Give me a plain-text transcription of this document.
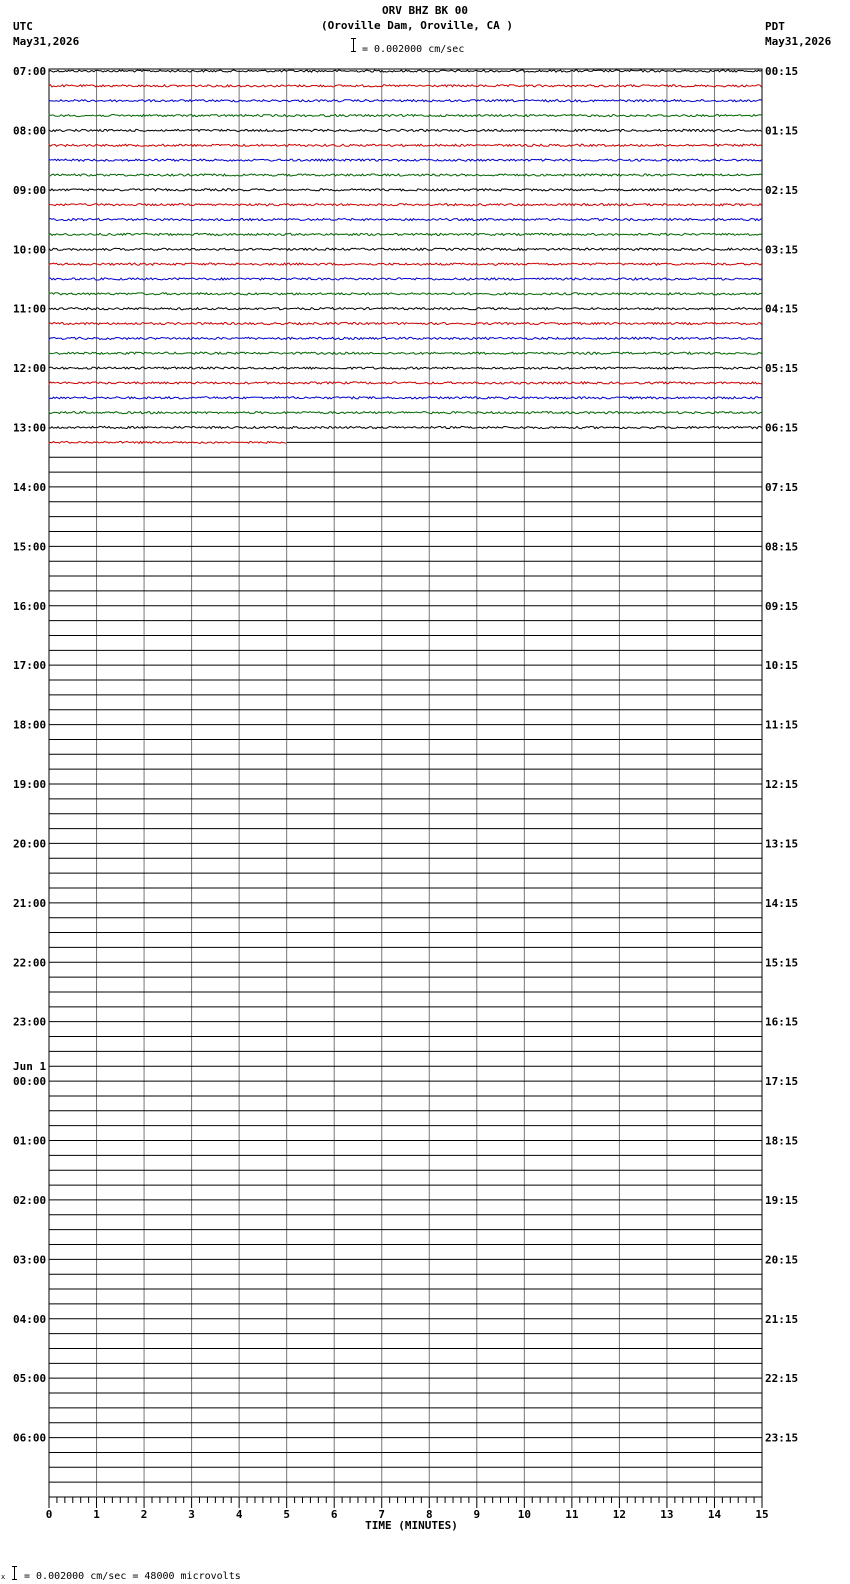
ORV BHZ BK 00
(Oroville Dam, Oroville, CA )
UTC
May31,2026
PDT
May31,2026
= 0.002000 cm/sec
07:00	00:15
08:00	01:15
09:00	02:15
10:00	03:15
11:00	04:15
12:00	05:15
13:00	06:15
14:00	07:15
15:00	08:15
16:00	09:15
17:00	10:15
18:00	11:15
19:00	12:15
20:00	13:15
21:00	14:15
22:00	15:15
23:00	16:15
00:00	17:15
01:00	18:15
02:00	19:15
03:00	20:15
04:00	21:15
05:00	22:15
06:00	23:15
Jun 1
0	1	2	3	4	5	6	7	8	9	10	11	12	13	14	15
TIME (MINUTES)
x = 0.002000 cm/sec = 48000 microvolts
